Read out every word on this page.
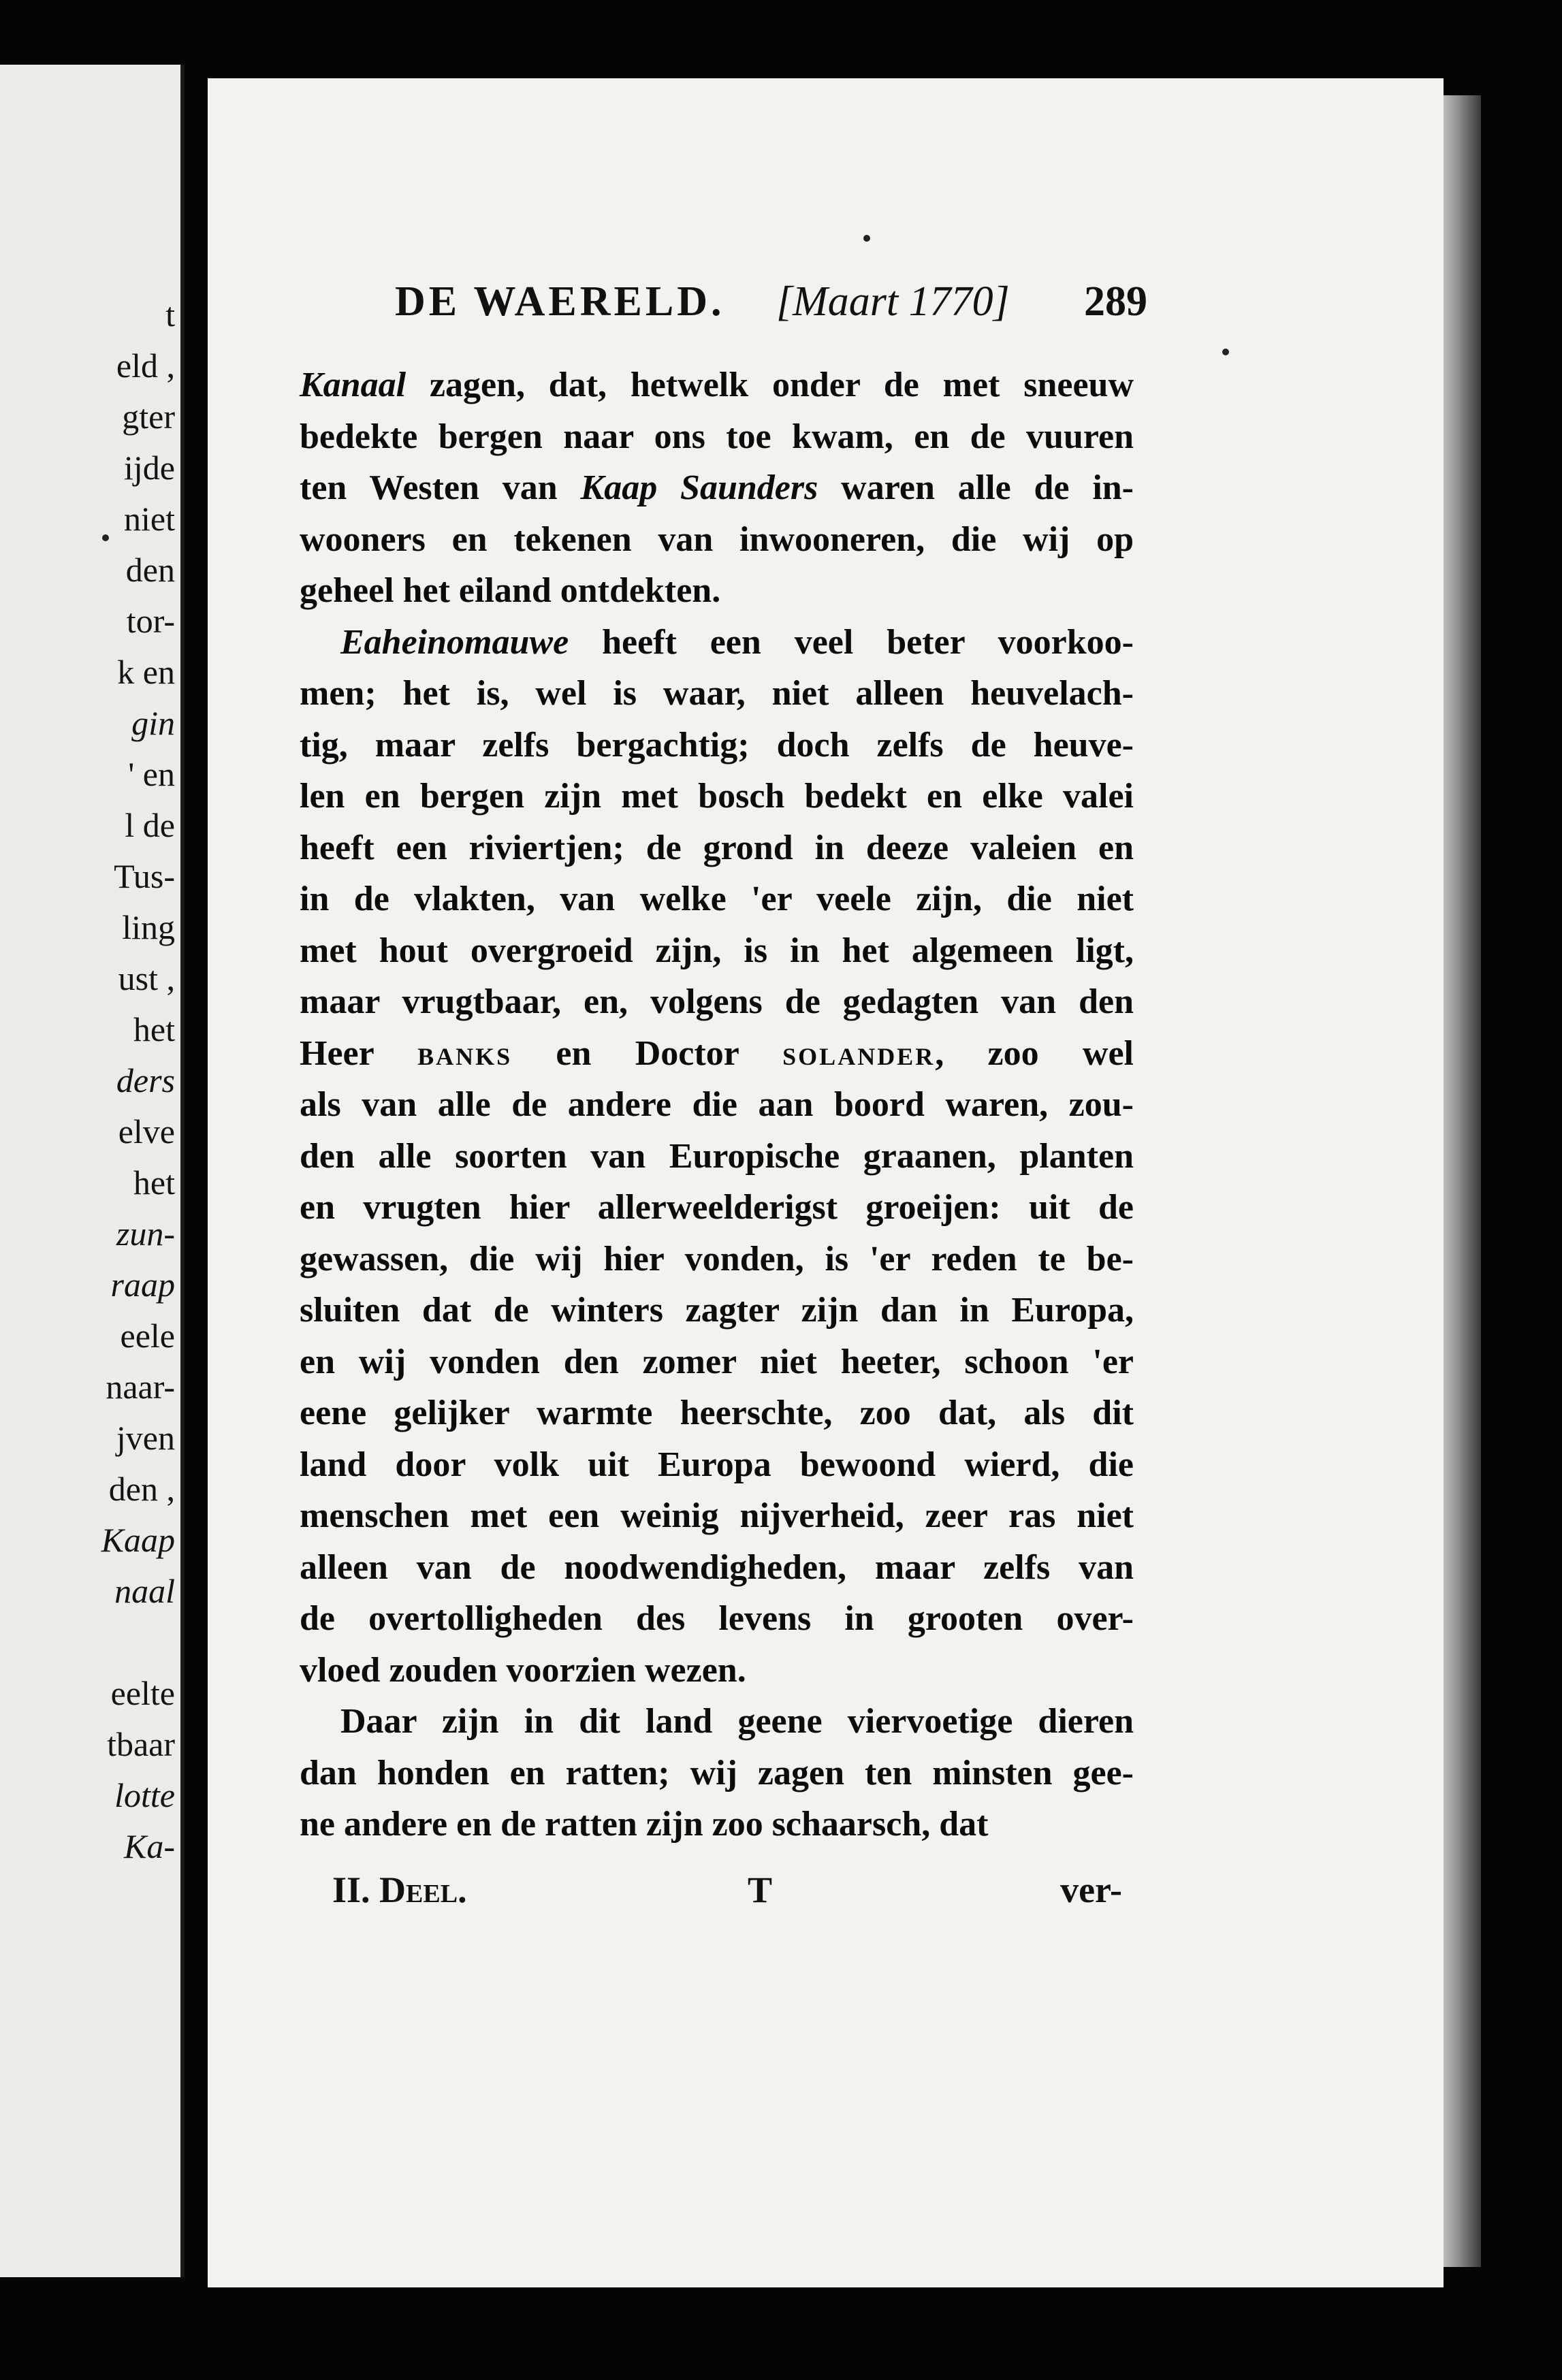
t
eld ,
gter
ijde
niet
den
tor-
k en
gin
' en
l de
Tus-
ling
ust ,
het
ders
elve
het
zun-
raap
eele
naar-
jven
den ,
Kaap
naal
eelte
tbaar
lotte
Ka-
DE WAERELD. [Maart 1770] 289

Kanaal zagen, dat, hetwelk onder de met sneeuw

bedekte bergen naar ons toe kwam, en de vuuren

ten Westen van Kaap Saunders waren alle de in-

wooners en tekenen van inwooneren, die wij op

geheel het eiland ontdekten.

Eaheinomauwe heeft een veel beter voorkoo-

men; het is, wel is waar, niet alleen heuvelach-

tig, maar zelfs bergachtig; doch zelfs de heuve-

len en bergen zijn met bosch bedekt en elke valei

heeft een riviertjen; de grond in deeze valeien en

in de vlakten, van welke 'er veele zijn, die niet

met hout overgroeid zijn, is in het algemeen ligt,

maar vrugtbaar, en, volgens de gedagten van den

Heer banks en Doctor solander, zoo wel

als van alle de andere die aan boord waren, zou-

den alle soorten van Europische graanen, planten

en vrugten hier allerweelderigst groeijen: uit de

gewassen, die wij hier vonden, is 'er reden te be-

sluiten dat de winters zagter zijn dan in Europa,

en wij vonden den zomer niet heeter, schoon 'er

eene gelijker warmte heerschte, zoo dat, als dit

land door volk uit Europa bewoond wierd, die

menschen met een weinig nijverheid, zeer ras niet

alleen van de noodwendigheden, maar zelfs van

de overtolligheden des levens in grooten over-

vloed zouden voorzien wezen.

Daar zijn in dit land geene viervoetige dieren

dan honden en ratten; wij zagen ten minsten gee-

ne andere en de ratten zijn zoo schaarsch, dat

II. Deel.	T	ver-
